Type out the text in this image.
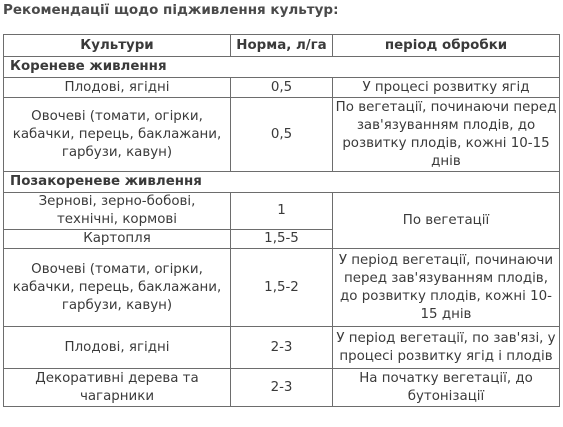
Рекомендації щодо підживлення культур:
Культури	Норма, л/га	період обробки
Кореневе живлення		
Плодові, ягідні	0,5	У процесі розвитку ягід
Овочеві (томати, огірки, кабачки, перець, баклажани, гарбузи, кавун)	0,5	По вегетації, починаючи перед зав'язуванням плодів, до розвитку плодів, кожні 10-15 днів
Позакореневе живлення		
Зернові, зерно-бобові, технічні, кормові	1	По вегетації
Картопля	1,5-5	
Овочеві (томати, огірки, кабачки, перець, баклажани, гарбузи, кавун)	1,5-2	У період вегетації, починаючи перед зав'язуванням плодів, до розвитку плодів, кожні 10-15 днів
Плодові, ягідні	2-3	У період вегетації, по зав'язі, у процесі розвитку ягід і плодів
Декоративні дерева та чагарники	2-3	На початку вегетації, до бутонізації
